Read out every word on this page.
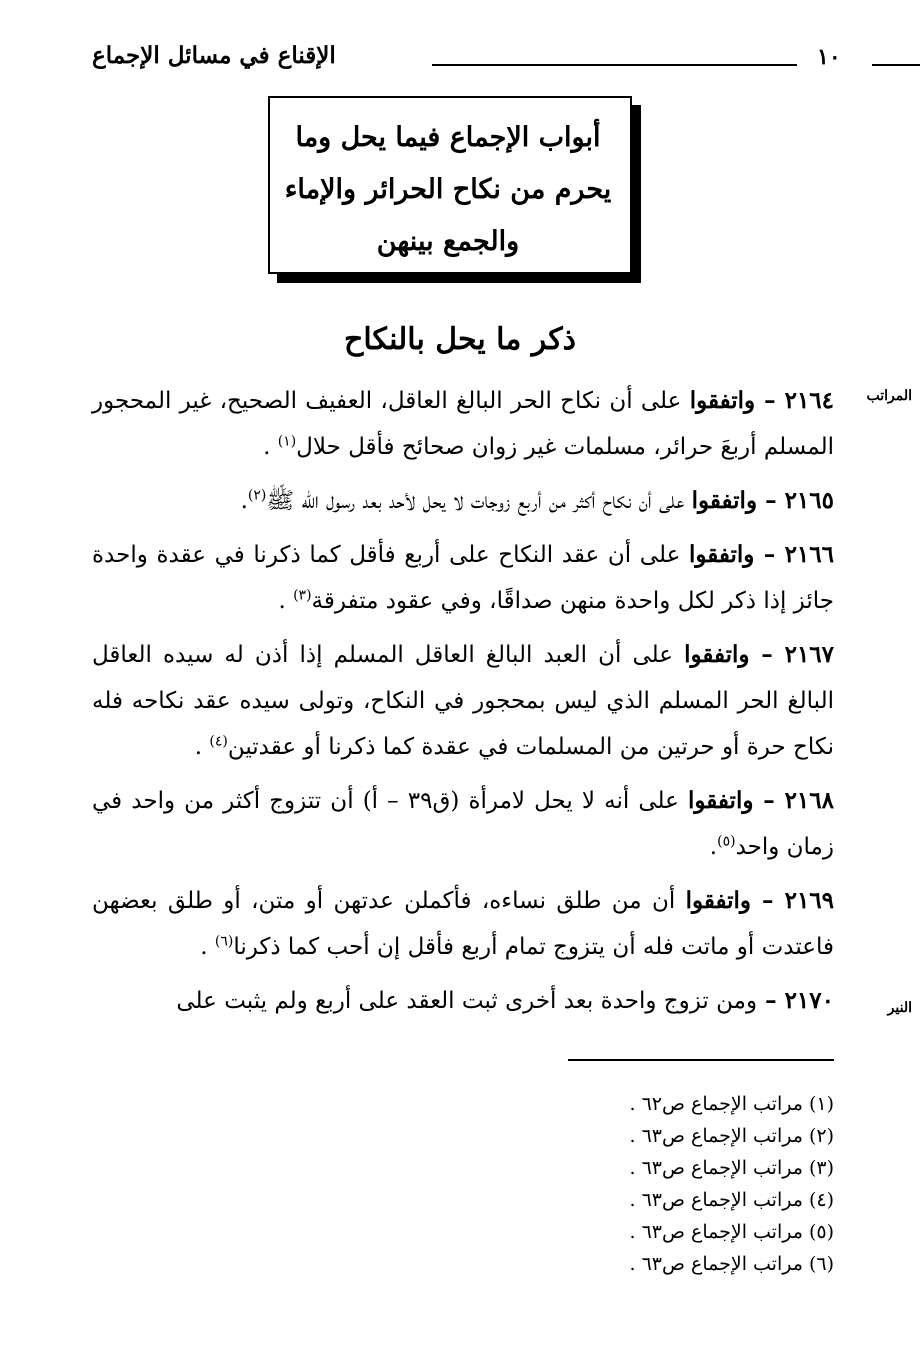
الإقناع في مسائل الإجماع	١٠
أبواب الإجماع فيما يحل وما
يحرم من نكاح الحرائر والإماء
والجمع بينهن
ذكر ما يحل بالنكاح
المراتب
النير

٢١٦٤ – واتفقوا على أن نكاح الحر البالغ العاقل، العفيف الصحيح، غير المحجور المسلم أربعَ حرائر، مسلمات غير زوان صحائح فأقل حلال$^{(١)}$ .

٢١٦٥ – واتفقوا على أن نكاح أكثر من أربع زوجات لا يحل لأحد بعد رسول اللّه ﷺ$^{(٢)}$.

٢١٦٦ – واتفقوا على أن عقد النكاح على أربع فأقل كما ذكرنا في عقدة واحدة جائز إذا ذكر لكل واحدة منهن صداقًا، وفي عقود متفرقة$^{(٣)}$ .

٢١٦٧ – واتفقوا على أن العبد البالغ العاقل المسلم إذا أذن له سيده العاقل البالغ الحر المسلم الذي ليس بمحجور في النكاح، وتولى سيده عقد نكاحه فله نكاح حرة أو حرتين من المسلمات في عقدة كما ذكرنا أو عقدتين$^{(٤)}$ .

٢١٦٨ – واتفقوا على أنه لا يحل لامرأة (ق٣٩ – أ) أن تتزوج أكثر من واحد في زمان واحد$^{(٥)}$.

٢١٦٩ – واتفقوا أن من طلق نساءه، فأكملن عدتهن أو متن، أو طلق بعضهن فاعتدت أو ماتت فله أن يتزوج تمام أربع فأقل إن أحب كما ذكرنا$^{(٦)}$ .

٢١٧٠ – ومن تزوج واحدة بعد أخرى ثبت العقد على أربع ولم يثبت على

(١) مراتب الإجماع ص٦٢ .
(٢) مراتب الإجماع ص٦٣ .
(٣) مراتب الإجماع ص٦٣ .
(٤) مراتب الإجماع ص٦٣ .
(٥) مراتب الإجماع ص٦٣ .
(٦) مراتب الإجماع ص٦٣ .
